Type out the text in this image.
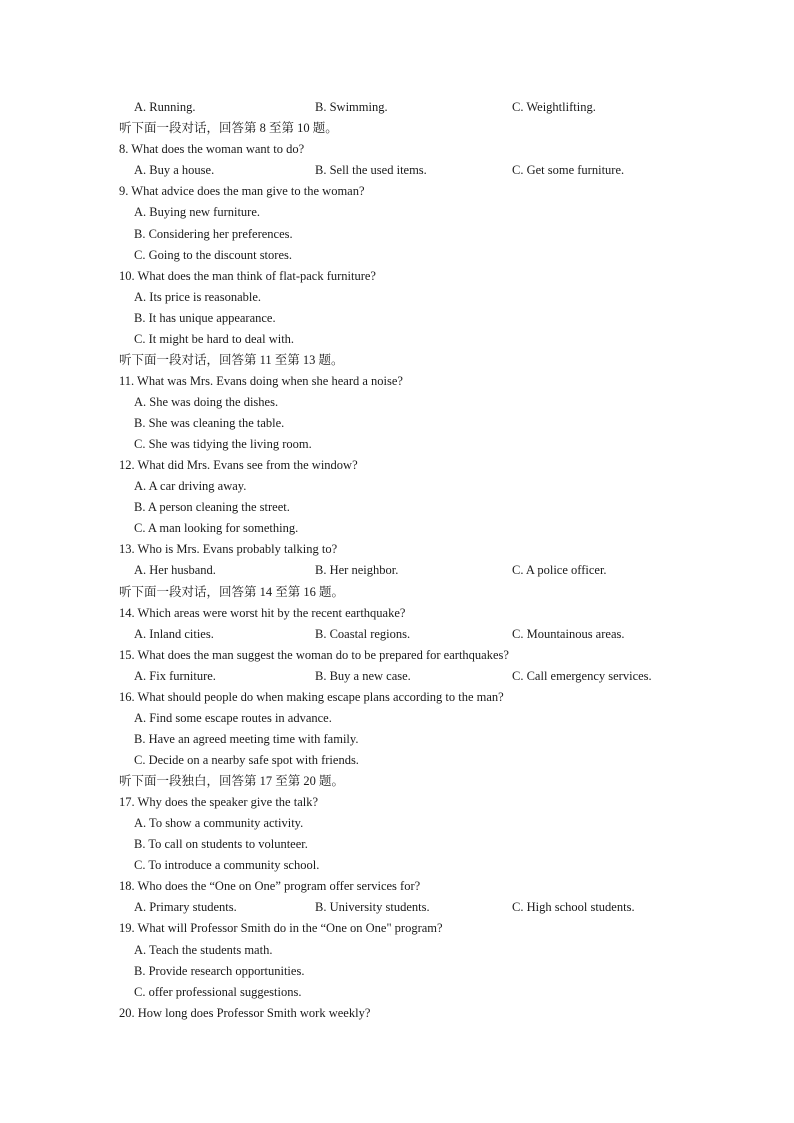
A. Running.	B. Swimming.	C. Weightlifting.
听下面一段对话，回答第 8 至第 10 题。
8. What does the woman want to do?
A. Buy a house.	B. Sell the used items.	C. Get some furniture.
9. What advice does the man give to the woman?
A. Buying new furniture.
B. Considering her preferences.
C. Going to the discount stores.
10. What does the man think of flat-pack furniture?
A. Its price is reasonable.
B. It has unique appearance.
C. It might be hard to deal with.
听下面一段对话，回答第 11 至第 13 题。
11. What was Mrs. Evans doing when she heard a noise?
A. She was doing the dishes.
B. She was cleaning the table.
C. She was tidying the living room.
12. What did Mrs. Evans see from the window?
A. A car driving away.
B. A person cleaning the street.
C. A man looking for something.
13. Who is Mrs. Evans probably talking to?
A. Her husband.	B. Her neighbor.	C. A police officer.
听下面一段对话，回答第 14 至第 16 题。
14. Which areas were worst hit by the recent earthquake?
A. Inland cities.	B. Coastal regions.	C. Mountainous areas.
15. What does the man suggest the woman do to be prepared for earthquakes?
A. Fix furniture.	B. Buy a new case.	C. Call emergency services.
16. What should people do when making escape plans according to the man?
A. Find some escape routes in advance.
B. Have an agreed meeting time with family.
C. Decide on a nearby safe spot with friends.
听下面一段独白，回答第 17 至第 20 题。
17. Why does the speaker give the talk?
A. To show a community activity.
B. To call on students to volunteer.
C. To introduce a community school.
18. Who does the “One on One” program offer services for?
A. Primary students.	B. University students.	C. High school students.
19. What will Professor Smith do in the “One on One" program?
A. Teach the students math.
B. Provide research opportunities.
C. offer professional suggestions.
20. How long does Professor Smith work weekly?
